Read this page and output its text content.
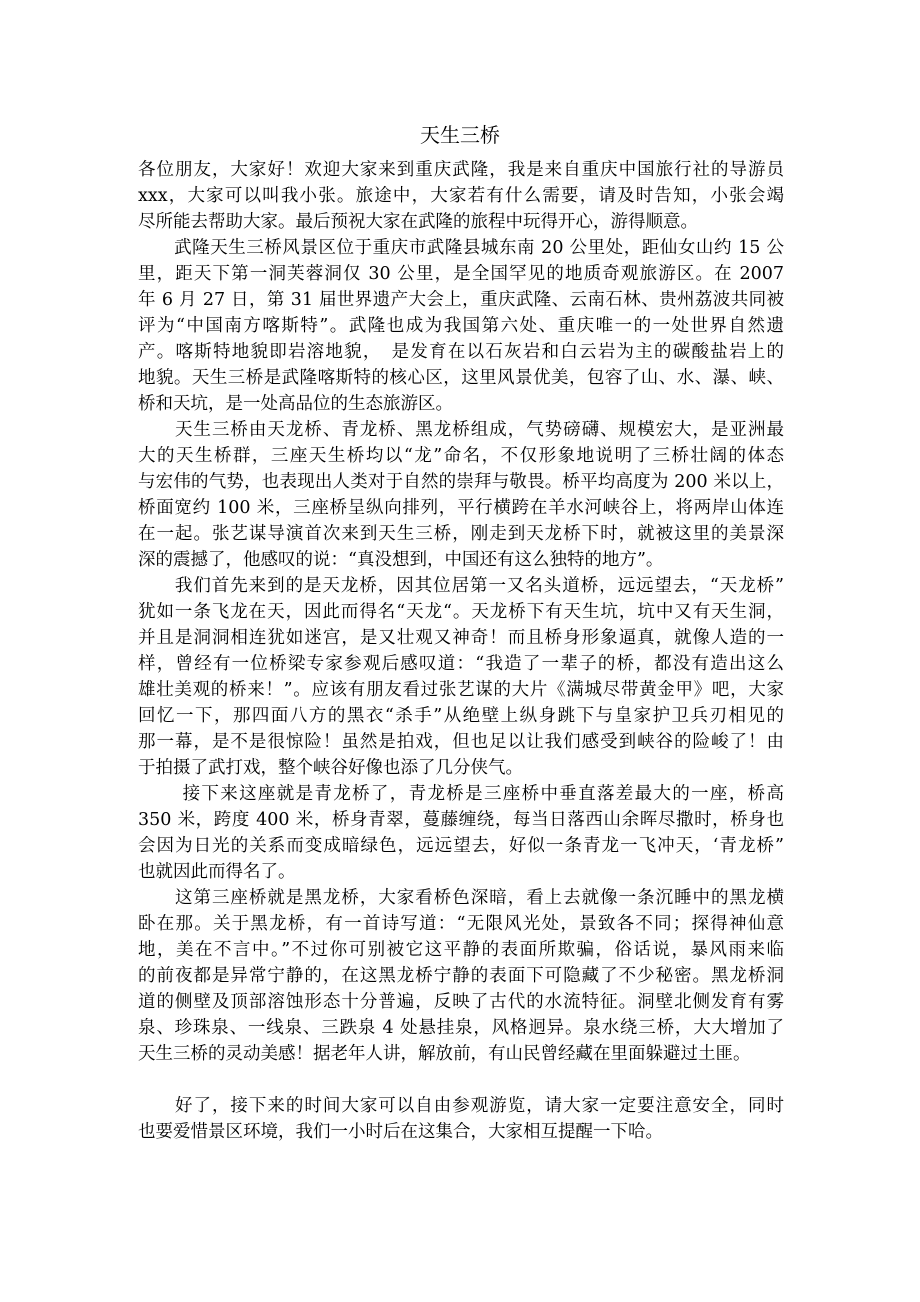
天生三桥
各位朋友，大家好！欢迎大家来到重庆武隆，我是来自重庆中国旅行社的导游员
xxx，大家可以叫我小张。旅途中，大家若有什么需要，请及时告知，小张会竭
尽所能去帮助大家。最后预祝大家在武隆的旅程中玩得开心，游得顺意。
　　武隆天生三桥风景区位于重庆市武隆县城东南 20 公里处，距仙女山约 15 公
里，距天下第一洞芙蓉洞仅 30 公里，是全国罕见的地质奇观旅游区。在 2007
年 6 月 27 日，第 31 届世界遗产大会上，重庆武隆、云南石林、贵州荔波共同被
评为“中国南方喀斯特”。武隆也成为我国第六处、重庆唯一的一处世界自然遗
产。喀斯特地貌即岩溶地貌，　是发育在以石灰岩和白云岩为主的碳酸盐岩上的
地貌。天生三桥是武隆喀斯特的核心区，这里风景优美，包容了山、水、瀑、峡、
桥和天坑，是一处高品位的生态旅游区。
　　天生三桥由天龙桥、青龙桥、黑龙桥组成，气势磅礴、规模宏大，是亚洲最
大的天生桥群，三座天生桥均以“龙”命名，不仅形象地说明了三桥壮阔的体态
与宏伟的气势，也表现出人类对于自然的崇拜与敬畏。桥平均高度为 200 米以上，
桥面宽约 100 米，三座桥呈纵向排列，平行横跨在羊水河峡谷上，将两岸山体连
在一起。张艺谋导演首次来到天生三桥，刚走到天龙桥下时，就被这里的美景深
深的震撼了，他感叹的说：“真没想到，中国还有这么独特的地方”。
　　我们首先来到的是天龙桥，因其位居第一又名头道桥，远远望去，“天龙桥”
犹如一条飞龙在天，因此而得名“天龙“。天龙桥下有天生坑，坑中又有天生洞，
并且是洞洞相连犹如迷宫，是又壮观又神奇！而且桥身形象逼真，就像人造的一
样，曾经有一位桥梁专家参观后感叹道：“我造了一辈子的桥，都没有造出这么
雄壮美观的桥来！”。应该有朋友看过张艺谋的大片《满城尽带黄金甲》吧，大家
回忆一下，那四面八方的黑衣“杀手”从绝壁上纵身跳下与皇家护卫兵刃相见的
那一幕，是不是很惊险！虽然是拍戏，但也足以让我们感受到峡谷的险峻了！由
于拍摄了武打戏，整个峡谷好像也添了几分侠气。
　　 接下来这座就是青龙桥了，青龙桥是三座桥中垂直落差最大的一座，桥高
350 米，跨度 400 米，桥身青翠，蔓藤缠绕，每当日落西山余晖尽撒时，桥身也
会因为日光的关系而变成暗绿色，远远望去，好似一条青龙一飞冲天，‘青龙桥”
也就因此而得名了。
　　这第三座桥就是黑龙桥，大家看桥色深暗，看上去就像一条沉睡中的黑龙横
卧在那。关于黑龙桥，有一首诗写道：“无限风光处，景致各不同；探得神仙意
地，美在不言中。”不过你可别被它这平静的表面所欺骗，俗话说，暴风雨来临
的前夜都是异常宁静的，在这黑龙桥宁静的表面下可隐藏了不少秘密。黑龙桥洞
道的侧壁及顶部溶蚀形态十分普遍，反映了古代的水流特征。洞壁北侧发育有雾
泉、珍珠泉、一线泉、三跌泉 4 处悬挂泉，风格迥异。泉水绕三桥，大大增加了
天生三桥的灵动美感！据老年人讲，解放前，有山民曾经藏在里面躲避过土匪。
　　好了，接下来的时间大家可以自由参观游览，请大家一定要注意安全，同时
也要爱惜景区环境，我们一小时后在这集合，大家相互提醒一下哈。
